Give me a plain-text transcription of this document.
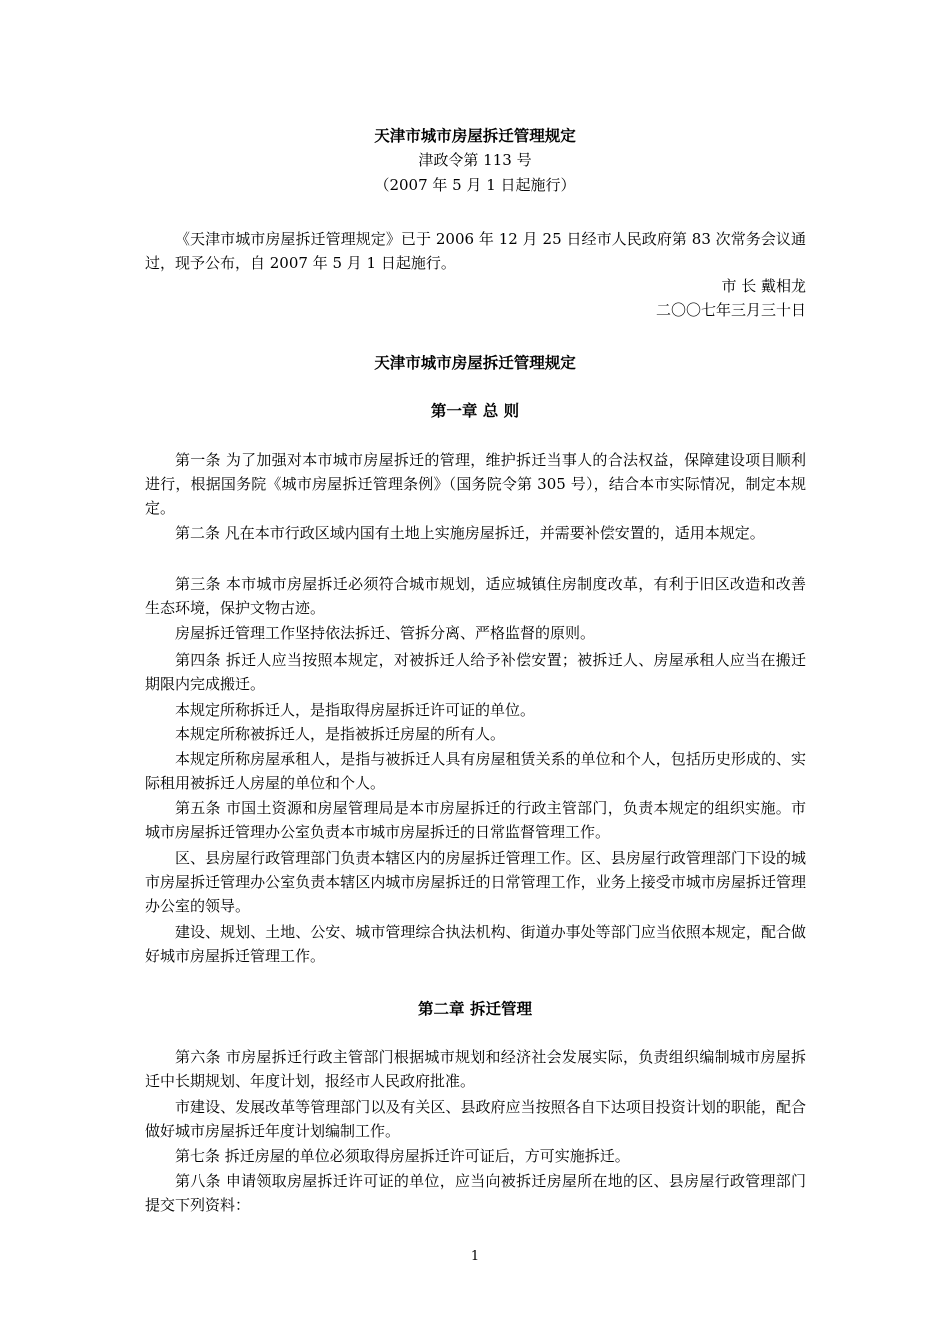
天津市城市房屋拆迁管理规定
津政令第 113 号
（2007 年 5 月 1 日起施行）

《天津市城市房屋拆迁管理规定》已于 2006 年 12 月 25 日经市人民政府第 83 次常务会议通过，现予公布，自 2007 年 5 月 1 日起施行。

市 长 戴相龙
二〇〇七年三月三十日
天津市城市房屋拆迁管理规定
第一章 总 则

第一条 为了加强对本市城市房屋拆迁的管理，维护拆迁当事人的合法权益，保障建设项目顺利进行，根据国务院《城市房屋拆迁管理条例》（国务院令第 305 号），结合本市实际情况，制定本规定。

第二条 凡在本市行政区域内国有土地上实施房屋拆迁，并需要补偿安置的，适用本规定。

第三条 本市城市房屋拆迁必须符合城市规划，适应城镇住房制度改革，有利于旧区改造和改善生态环境，保护文物古迹。

房屋拆迁管理工作坚持依法拆迁、管拆分离、严格监督的原则。

第四条 拆迁人应当按照本规定，对被拆迁人给予补偿安置；被拆迁人、房屋承租人应当在搬迁期限内完成搬迁。

本规定所称拆迁人，是指取得房屋拆迁许可证的单位。

本规定所称被拆迁人，是指被拆迁房屋的所有人。

本规定所称房屋承租人，是指与被拆迁人具有房屋租赁关系的单位和个人，包括历史形成的、实际租用被拆迁人房屋的单位和个人。

第五条 市国土资源和房屋管理局是本市房屋拆迁的行政主管部门，负责本规定的组织实施。市城市房屋拆迁管理办公室负责本市城市房屋拆迁的日常监督管理工作。

区、县房屋行政管理部门负责本辖区内的房屋拆迁管理工作。区、县房屋行政管理部门下设的城市房屋拆迁管理办公室负责本辖区内城市房屋拆迁的日常管理工作，业务上接受市城市房屋拆迁管理办公室的领导。

建设、规划、土地、公安、城市管理综合执法机构、街道办事处等部门应当依照本规定，配合做好城市房屋拆迁管理工作。

第二章 拆迁管理

第六条 市房屋拆迁行政主管部门根据城市规划和经济社会发展实际，负责组织编制城市房屋拆迁中长期规划、年度计划，报经市人民政府批准。

市建设、发展改革等管理部门以及有关区、县政府应当按照各自下达项目投资计划的职能，配合做好城市房屋拆迁年度计划编制工作。

第七条 拆迁房屋的单位必须取得房屋拆迁许可证后，方可实施拆迁。

第八条 申请领取房屋拆迁许可证的单位，应当向被拆迁房屋所在地的区、县房屋行政管理部门提交下列资料：

1
